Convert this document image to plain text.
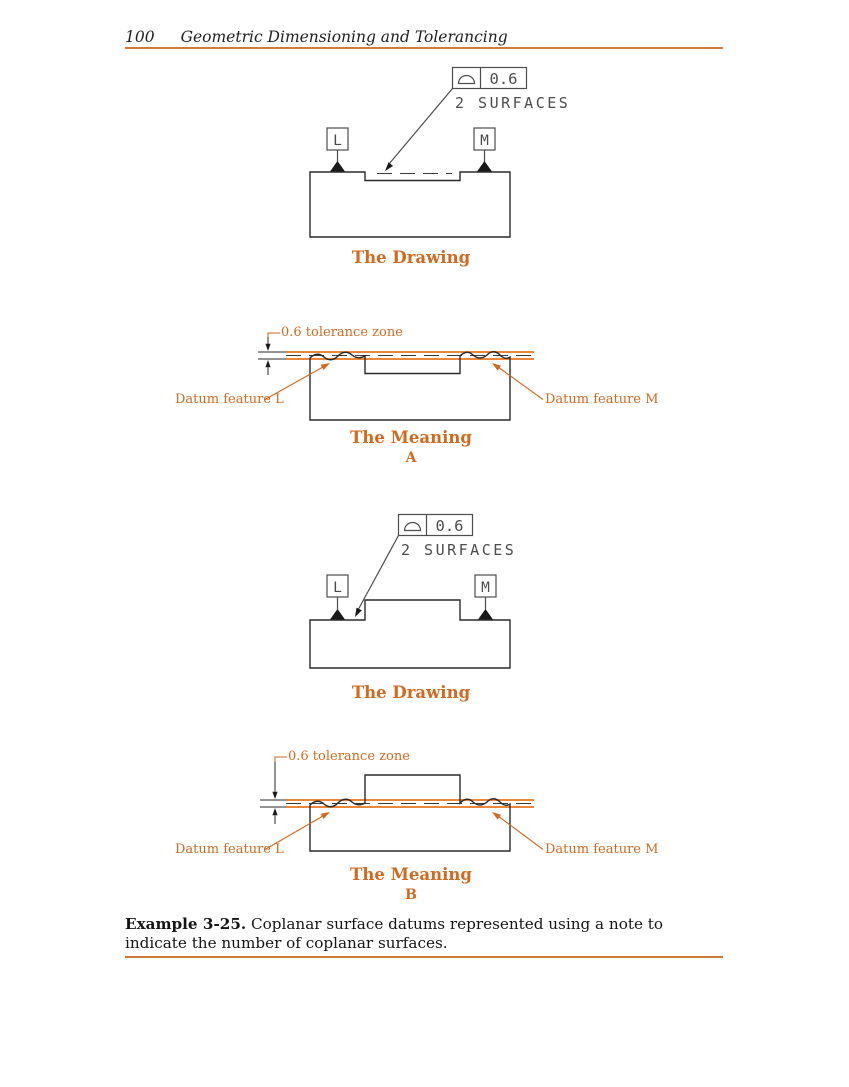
100 Geometric Dimensioning and Tolerancing
0.6
2 SURFACES
L	M
0.6
2 SURFACES
L	M
The Drawing
0.6 tolerance zone
Datum feature L	Datum feature M
The Meaning
A
The Drawing
0.6 tolerance zone
Datum feature L	Datum feature M
The Meaning
B
Example 3-25. Coplanar surface datums represented using a note to indicate the number of coplanar surfaces.
